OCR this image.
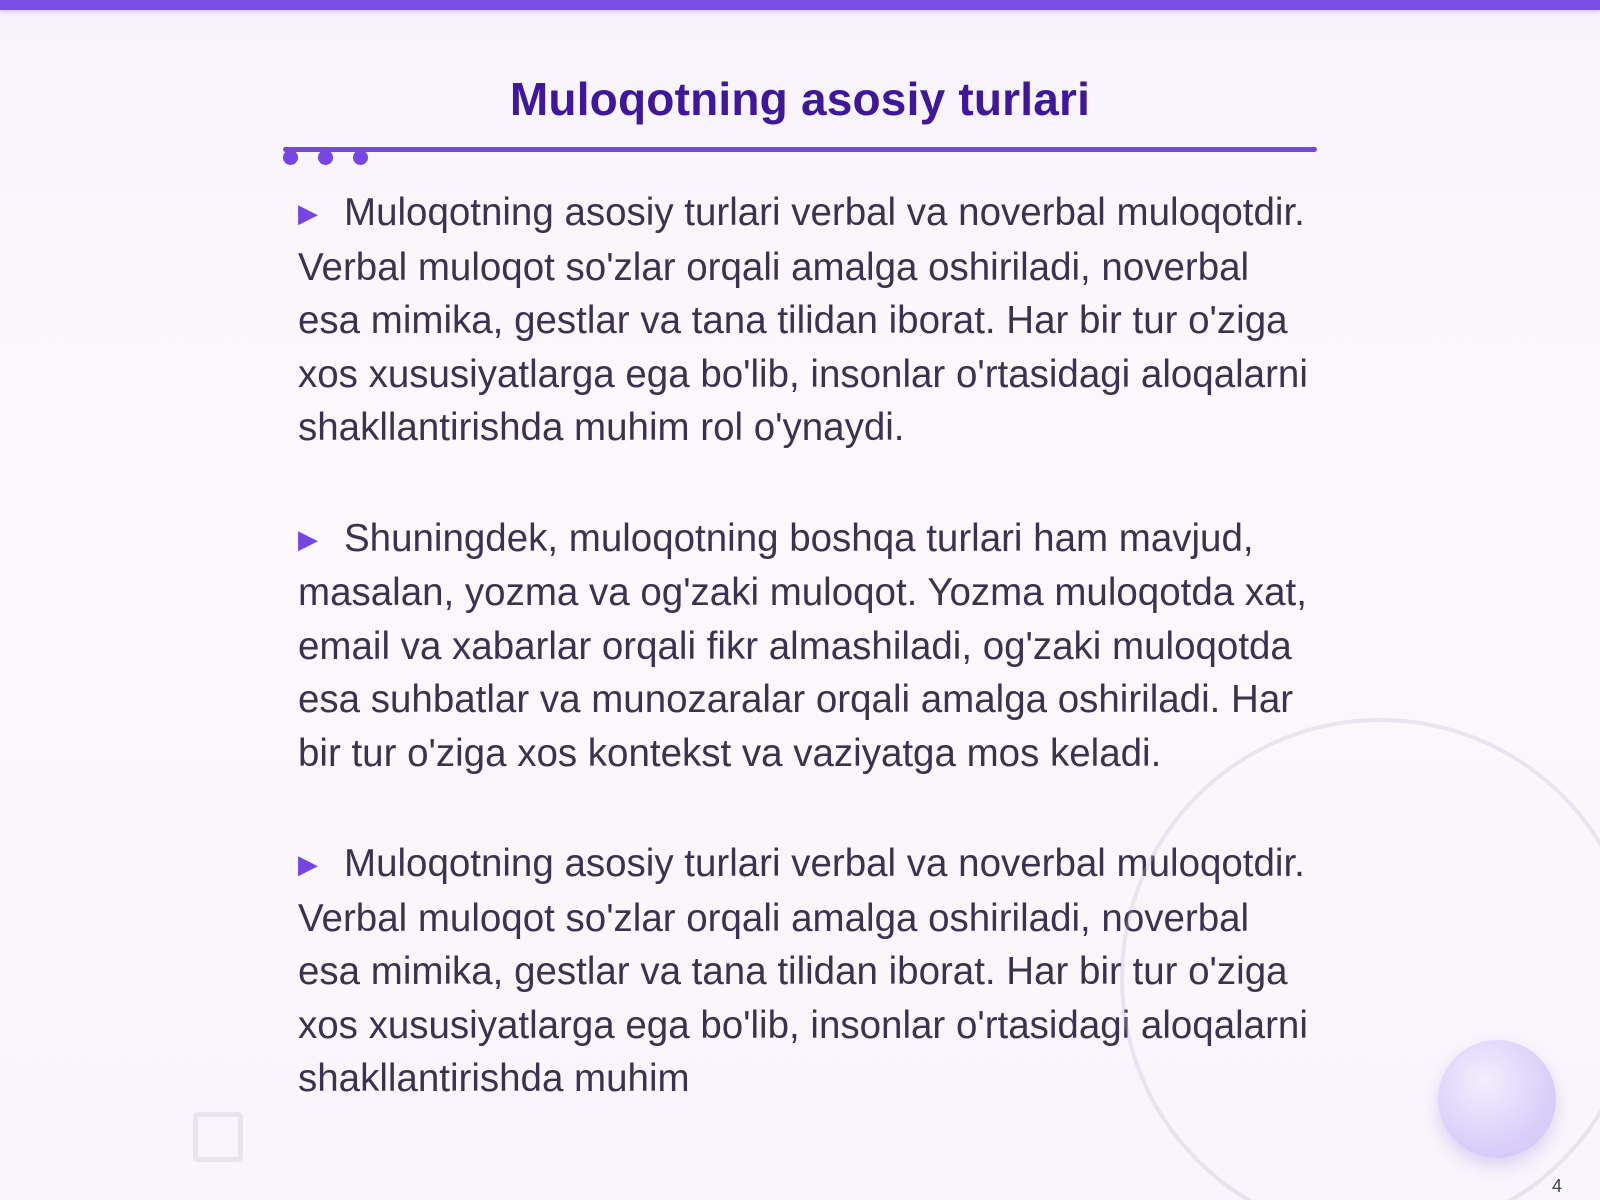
Muloqotning asosiy turlari

▶ Muloqotning asosiy turlari verbal va noverbal muloqotdir. Verbal muloqot so'zlar orqali amalga oshiriladi, noverbal esa mimika, gestlar va tana tilidan iborat. Har bir tur o'ziga xos xususiyatlarga ega bo'lib, insonlar o'rtasidagi aloqalarni shakllantirishda muhim rol o'ynaydi.

▶ Shuningdek, muloqotning boshqa turlari ham mavjud, masalan, yozma va og'zaki muloqot. Yozma muloqotda xat, email va xabarlar orqali fikr almashiladi, og'zaki muloqotda esa suhbatlar va munozaralar orqali amalga oshiriladi. Har bir tur o'ziga xos kontekst va vaziyatga mos keladi.

▶ Muloqotning asosiy turlari verbal va noverbal muloqotdir. Verbal muloqot so'zlar orqali amalga oshiriladi, noverbal esa mimika, gestlar va tana tilidan iborat. Har bir tur o'ziga xos xususiyatlarga ega bo'lib, insonlar o'rtasidagi aloqalarni shakllantirishda muhim

4
